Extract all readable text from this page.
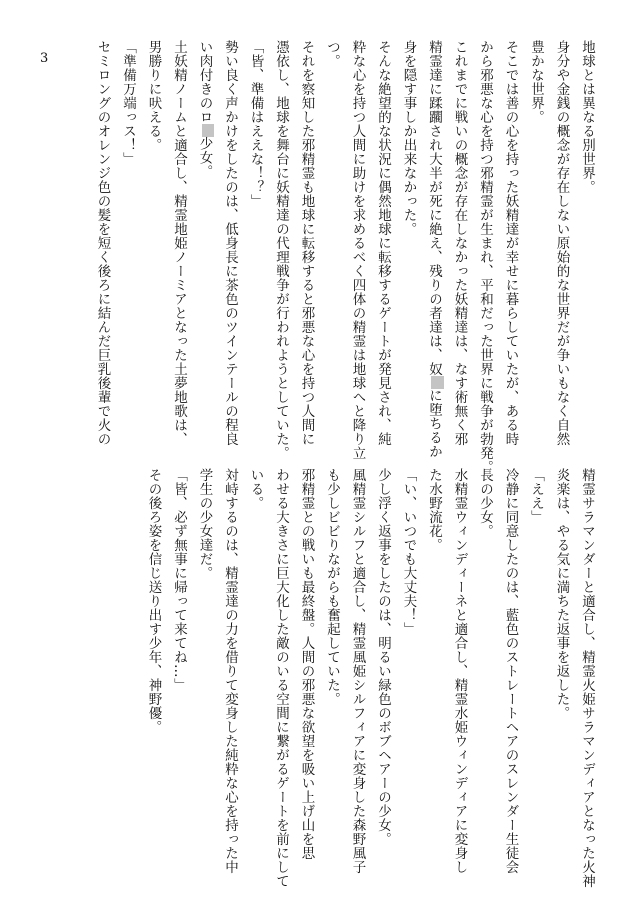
3	地球とは異なる別世界。
身分や金銭の概念が存在しない原始的な世界だが争いもなく自然
豊かな世界。
そこでは善の心を持った妖精達が幸せに暮らしていたが、ある時
から邪悪な心を持つ邪精霊が生まれ、平和だった世界に戦争が勃発。
これまでに戦いの概念が存在しなかった妖精達は、なす術無く邪
精霊達に蹂躙され大半が死に絶え、残りの者達は、奴に堕ちるか
身を隠す事しか出来なかった。
そんな絶望的な状況に偶然地球に転移するゲートが発見され、純
粋な心を持つ人間に助けを求めるべく四体の精霊は地球へと降り立
つ。
それを察知した邪精霊も地球に転移すると邪悪な心を持つ人間に
憑依し、地球を舞台に妖精達の代理戦争が行われようとしていた。
「皆、準備はええな！？」
勢い良く声かけをしたのは、低身長に茶色のツインテールの程良
い肉付きのロ少女。
土妖精ノームと適合し、精霊地姫ノーミアとなった土夢地歌は、
男勝りに吠える。
「準備万端っス！」
セミロングのオレンジ色の髪を短く後ろに結んだ巨乳後輩で火の
精霊サラマンダーと適合し、精霊火姫サラマンディアとなった火神
炎楽は、やる気に満ちた返事を返した。
「ええ」
冷静に同意したのは、藍色のストレートヘアのスレンダー生徒会
長の少女。
水精霊ウィンディーネと適合し、精霊水姫ウィンディアに変身し
た水野流花。
「い、いつでも大丈夫！」
少し浮く返事をしたのは、明るい緑色のボブヘアーの少女。
風精霊シルフと適合し、精霊風姫シルフィアに変身した森野風子
も少しビビりながらも奮起していた。
邪精霊との戦いも最終盤。人間の邪悪な欲望を吸い上げ山を思
わせる大きさに巨大化した敵のいる空間に繋がるゲートを前にして
いる。
対峙するのは、精霊達の力を借りて変身した純粋な心を持った中
学生の少女達だ。
「皆、必ず無事に帰って来てね…」
その後ろ姿を信じ送り出す少年、神野優。
